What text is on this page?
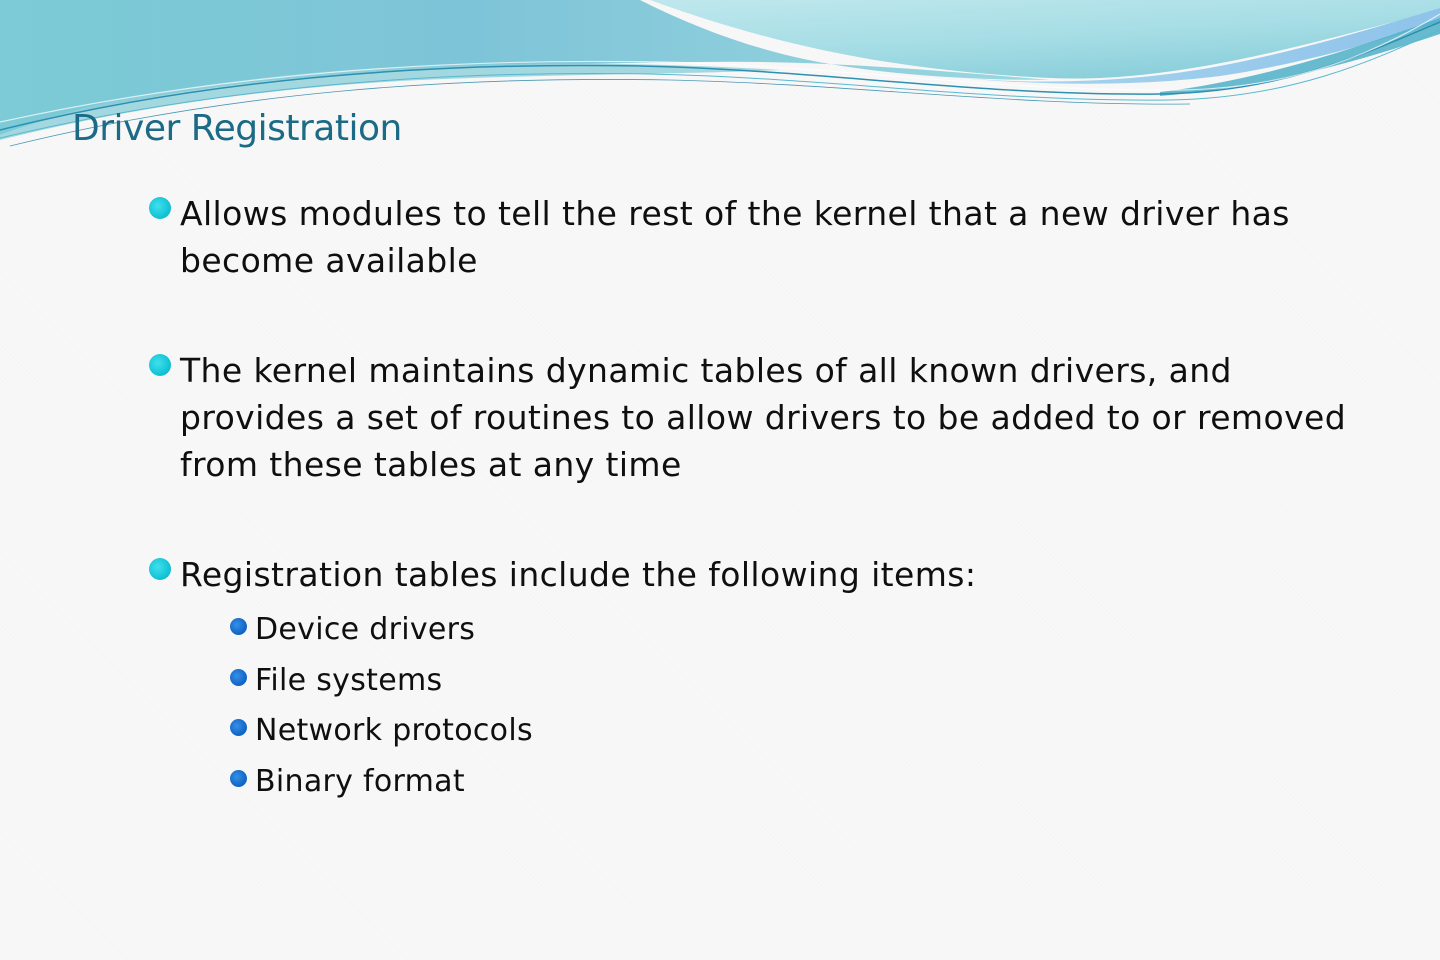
Driver Registration
Allows modules to tell the rest of the kernel that a new driver has become available
The kernel maintains dynamic tables of all known drivers, and provides a set of routines to allow drivers to be added to or removed from these tables at any time
Registration tables include the following items:
Device drivers
File systems
Network protocols
Binary format
